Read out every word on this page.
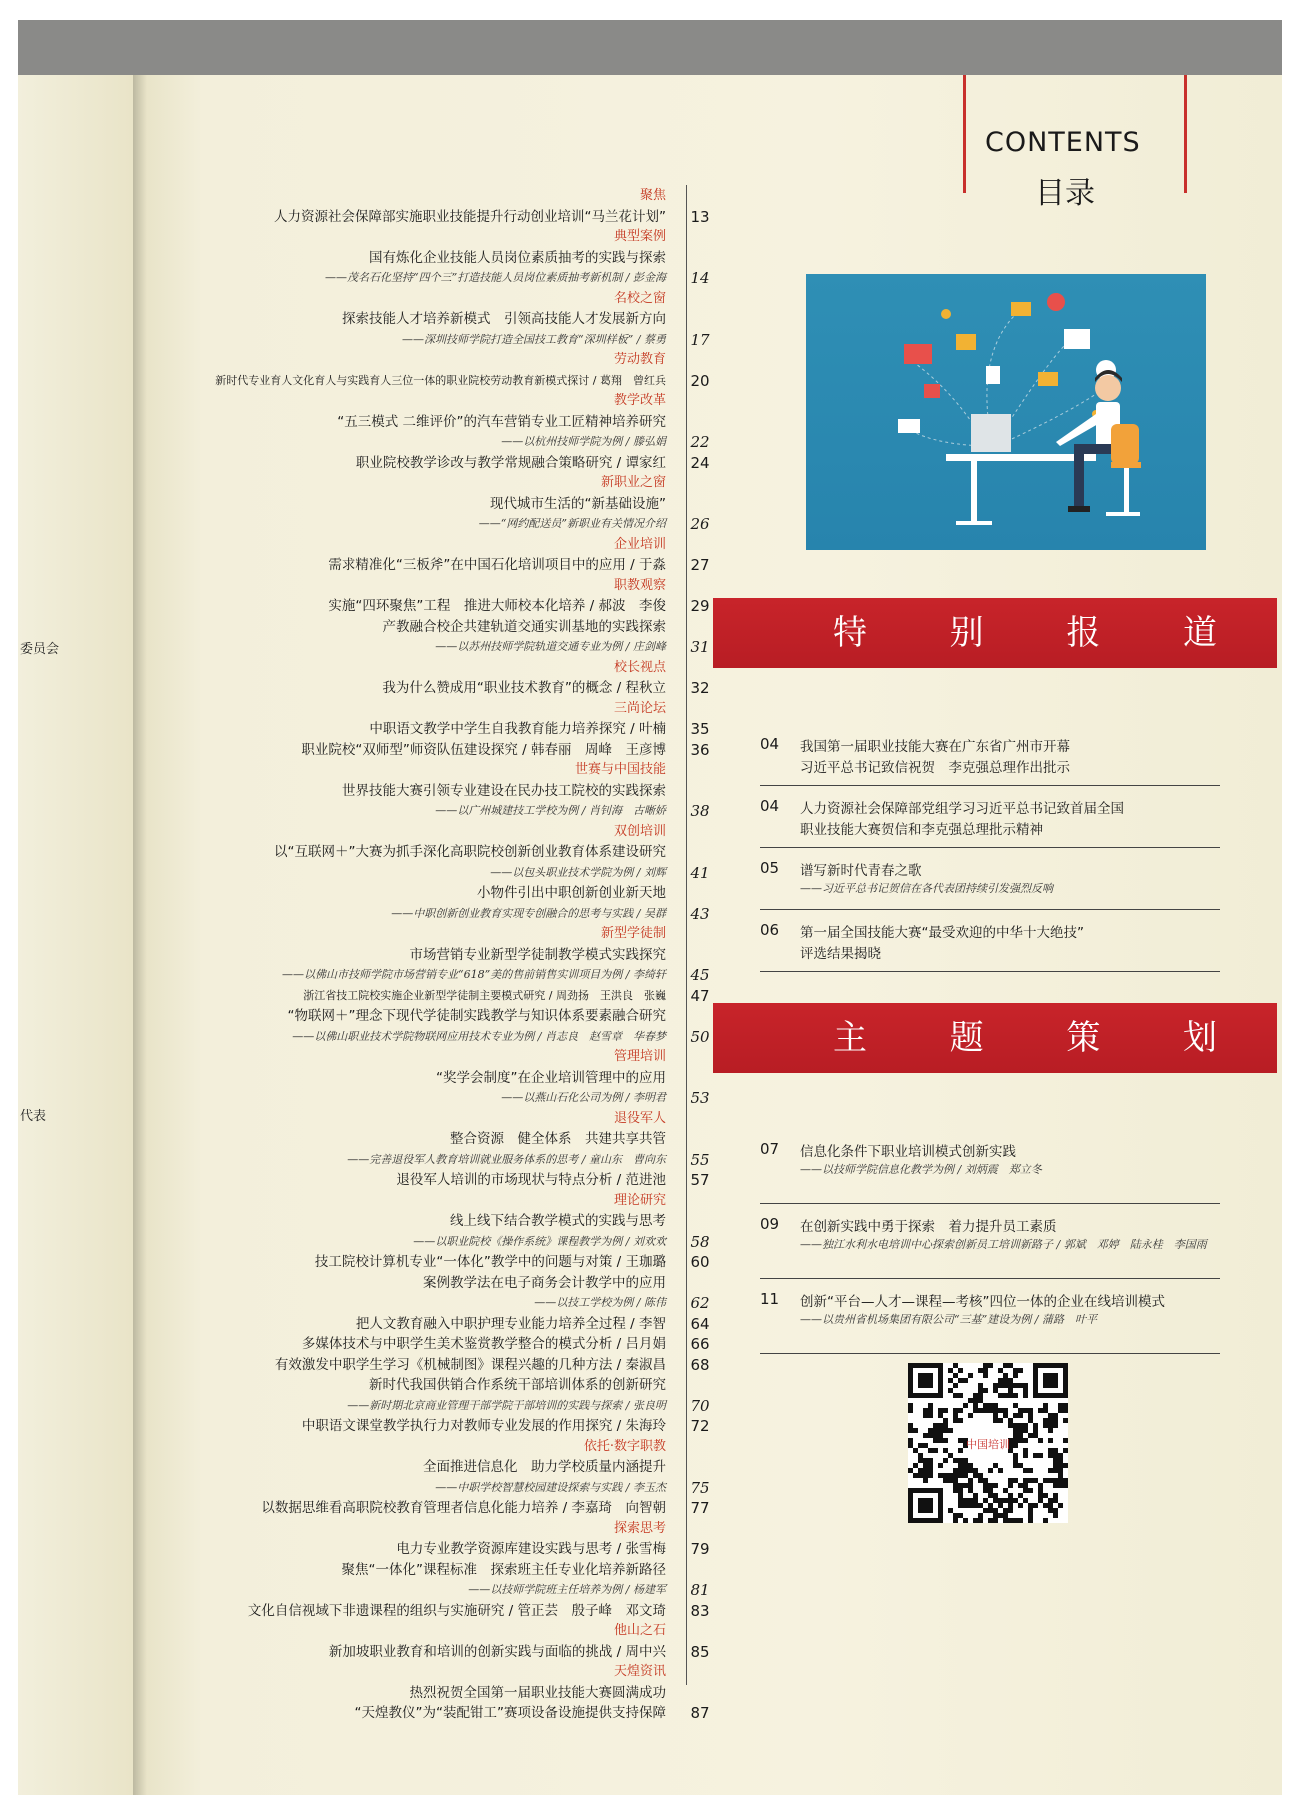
委员会
代表
CONTENTS
目录
聚焦
人力资源社会保障部实施职业技能提升行动创业培训“马兰花计划”	13
典型案例
国有炼化企业技能人员岗位素质抽考的实践与探索
——茂名石化坚持“四个三”打造技能人员岗位素质抽考新机制 / 彭金海	14
名校之窗
探索技能人才培养新模式　引领高技能人才发展新方向
——深圳技师学院打造全国技工教育“深圳样板” / 蔡勇	17
劳动教育
新时代专业育人文化育人与实践育人三位一体的职业院校劳动教育新模式探讨 / 葛翔　曾红兵	20
教学改革
“五三模式 二维评价”的汽车营销专业工匠精神培养研究
——以杭州技师学院为例 / 滕弘娟	22
职业院校教学诊改与教学常规融合策略研究 / 谭家红	24
新职业之窗
现代城市生活的“新基础设施”
——“网约配送员”新职业有关情况介绍	26
企业培训
需求精准化“三板斧”在中国石化培训项目中的应用 / 于淼	27
职教观察
实施“四环聚焦”工程　推进大师校本化培养 / 郝波　李俊	29
产教融合校企共建轨道交通实训基地的实践探索
——以苏州技师学院轨道交通专业为例 / 庄剑峰	31
校长视点
我为什么赞成用“职业技术教育”的概念 / 程秋立	32
三尚论坛
中职语文教学中学生自我教育能力培养探究 / 叶楠	35
职业院校“双师型”师资队伍建设探究 / 韩春丽　周峰　王彦博	36
世赛与中国技能
世界技能大赛引领专业建设在民办技工院校的实践探索
——以广州城建技工学校为例 / 肖钊海　古晰娇	38
双创培训
以“互联网＋”大赛为抓手深化高职院校创新创业教育体系建设研究
——以包头职业技术学院为例 / 刘辉	41
小物件引出中职创新创业新天地
——中职创新创业教育实现专创融合的思考与实践 / 吴群	43
新型学徒制
市场营销专业新型学徒制教学模式实践探究
——以佛山市技师学院市场营销专业“618”美的售前销售实训项目为例 / 李绮轩	45
浙江省技工院校实施企业新型学徒制主要模式研究 / 周劲扬　王洪良　张巍	47
“物联网＋”理念下现代学徒制实践教学与知识体系要素融合研究
——以佛山职业技术学院物联网应用技术专业为例 / 肖志良　赵雪章　华春梦	50
管理培训
“奖学会制度”在企业培训管理中的应用
——以燕山石化公司为例 / 李明君	53
退役军人
整合资源　健全体系　共建共享共管
——完善退役军人教育培训就业服务体系的思考 / 童山东　曹向东	55
退役军人培训的市场现状与特点分析 / 范进池	57
理论研究
线上线下结合教学模式的实践与思考
——以职业院校《操作系统》课程教学为例 / 刘欢欢	58
技工院校计算机专业“一体化”教学中的问题与对策 / 王珈璐	60
案例教学法在电子商务会计教学中的应用
——以技工学校为例 / 陈伟	62
把人文教育融入中职护理专业能力培养全过程 / 李智	64
多媒体技术与中职学生美术鉴赏教学整合的模式分析 / 吕月娟	66
有效激发中职学生学习《机械制图》课程兴趣的几种方法 / 秦淑昌	68
新时代我国供销合作系统干部培训体系的创新研究
——新时期北京商业管理干部学院干部培训的实践与探索 / 张良明	70
中职语文课堂教学执行力对教师专业发展的作用探究 / 朱海玲	72
依托·数字职教
全面推进信息化　助力学校质量内涵提升
——中职学校智慧校园建设探索与实践 / 李玉杰	75
以数据思维看高职院校教育管理者信息化能力培养 / 李嘉琦　向智朝	77
探索思考
电力专业教学资源库建设实践与思考 / 张雪梅	79
聚焦“一体化”课程标准　探索班主任专业化培养新路径
——以技师学院班主任培养为例 / 杨建军	81
文化自信视域下非遗课程的组织与实施研究 / 管正芸　殷子峰　邓文琦	83
他山之石
新加坡职业教育和培训的创新实践与面临的挑战 / 周中兴	85
天煌资讯
热烈祝贺全国第一届职业技能大赛圆满成功
“天煌教仪”为“装配钳工”赛项设备设施提供支持保障	87
特 别 报 道
主 题 策 划
04 我国第一届职业技能大赛在广东省广州市开幕
习近平总书记致信祝贺　李克强总理作出批示
04 人力资源社会保障部党组学习习近平总书记致首届全国
职业技能大赛贺信和李克强总理批示精神
05 谱写新时代青春之歌
——习近平总书记贺信在各代表团持续引发强烈反响
06 第一届全国技能大赛“最受欢迎的中华十大绝技”
评选结果揭晓
07 信息化条件下职业培训模式创新实践
——以技师学院信息化教学为例 / 刘炳震　郑立冬
09 在创新实践中勇于探索　着力提升员工素质
——独江水利水电培训中心探索创新员工培训新路子 / 郭斌　邓婷　陆永桂　李国雨
11 创新“平台—人才—课程—考核”四位一体的企业在线培训模式
——以贵州省机场集团有限公司“三基”建设为例 / 蒲路　叶平
中国培训
